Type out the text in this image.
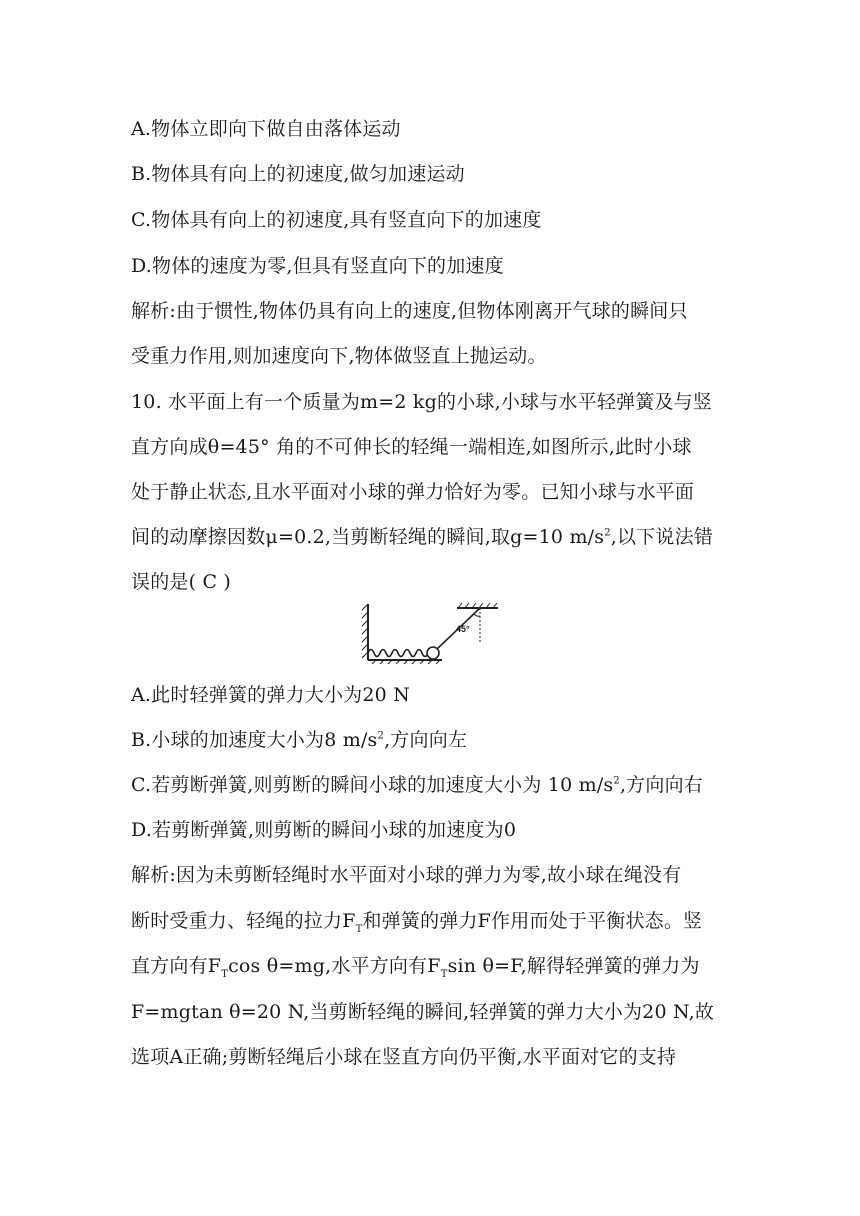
A.物体立即向下做自由落体运动
B.物体具有向上的初速度,做匀加速运动
C.物体具有向上的初速度,具有竖直向下的加速度
D.物体的速度为零,但具有竖直向下的加速度
解析:由于惯性,物体仍具有向上的速度,但物体刚离开气球的瞬间只
受重力作用,则加速度向下,物体做竖直上抛运动。
10. 水平面上有一个质量为m=2 kg的小球,小球与水平轻弹簧及与竖
直方向成θ=45° 角的不可伸长的轻绳一端相连,如图所示,此时小球
处于静止状态,且水平面对小球的弹力恰好为零。已知小球与水平面
间的动摩擦因数μ=0.2,当剪断轻绳的瞬间,取g=10 $m/s^2$,以下说法错
误的是( C )
45°
A.此时轻弹簧的弹力大小为20 N
B.小球的加速度大小为8 $m/s^2$,方向向左
C.若剪断弹簧,则剪断的瞬间小球的加速度大小为 10 $m/s^2$,方向向右
D.若剪断弹簧,则剪断的瞬间小球的加速度为0
解析:因为未剪断轻绳时水平面对小球的弹力为零,故小球在绳没有
断时受重力、轻绳的拉力$F_T$和弹簧的弹力F作用而处于平衡状态。竖
直方向有$F_T\cos$ θ=mg,水平方向有$F_T\sin$ θ=F,解得轻弹簧的弹力为
F=mgtan θ=20 N,当剪断轻绳的瞬间,轻弹簧的弹力大小为20 N,故
选项A正确;剪断轻绳后小球在竖直方向仍平衡,水平面对它的支持
